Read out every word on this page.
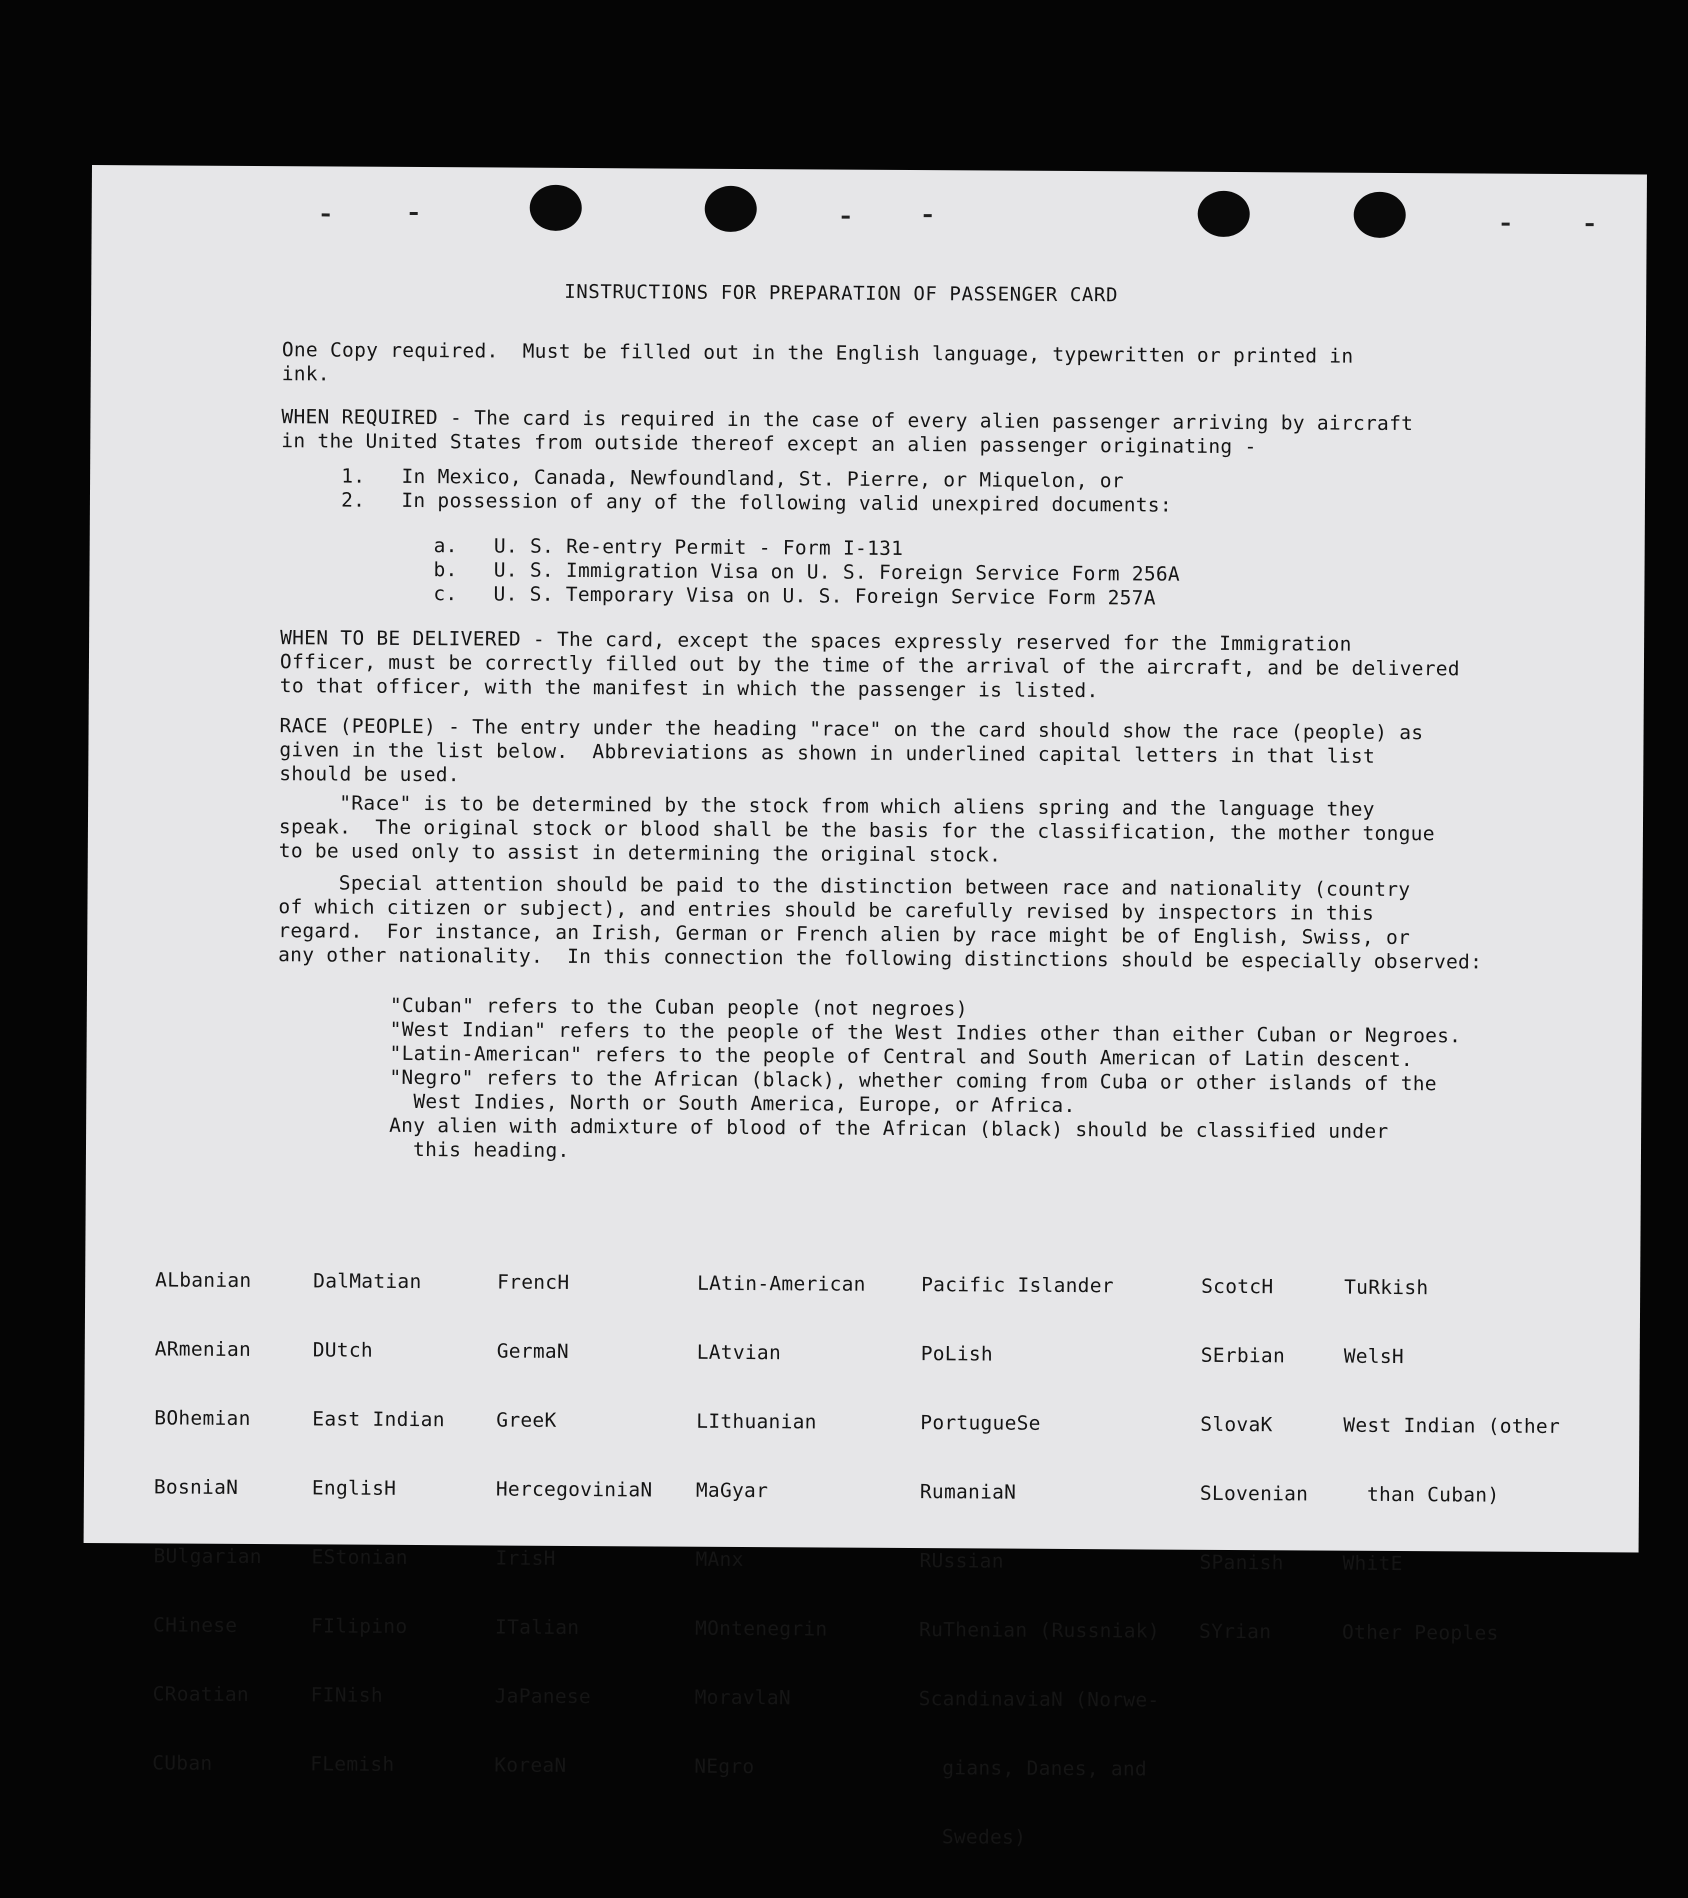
INSTRUCTIONS FOR PREPARATION OF PASSENGER CARD
One Copy required.  Must be filled out in the English language, typewritten or printed in
ink.
WHEN REQUIRED - The card is required in the case of every alien passenger arriving by aircraft
in the United States from outside thereof except an alien passenger originating -
1.   In Mexico, Canada, Newfoundland, St. Pierre, or Miquelon, or
2.   In possession of any of the following valid unexpired documents:
a.   U. S. Re-entry Permit - Form I-131
b.   U. S. Immigration Visa on U. S. Foreign Service Form 256A
c.   U. S. Temporary Visa on U. S. Foreign Service Form 257A
WHEN TO BE DELIVERED - The card, except the spaces expressly reserved for the Immigration
Officer, must be correctly filled out by the time of the arrival of the aircraft, and be delivered
to that officer, with the manifest in which the passenger is listed.
RACE (PEOPLE) - The entry under the heading "race" on the card should show the race (people) as
given in the list below.  Abbreviations as shown in underlined capital letters in that list
should be used.
"Race" is to be determined by the stock from which aliens spring and the language they
speak.  The original stock or blood shall be the basis for the classification, the mother tongue
to be used only to assist in determining the original stock.
Special attention should be paid to the distinction between race and nationality (country
of which citizen or subject), and entries should be carefully revised by inspectors in this
regard.  For instance, an Irish, German or French alien by race might be of English, Swiss, or
any other nationality.  In this connection the following distinctions should be especially observed:
"Cuban" refers to the Cuban people (not negroes)
"West Indian" refers to the people of the West Indies other than either Cuban or Negroes.
"Latin-American" refers to the people of Central and South American of Latin descent.
"Negro" refers to the African (black), whether coming from Cuba or other islands of the
West Indies, North or South America, Europe, or Africa.
Any alien with admixture of blood of the African (black) should be classified under
this heading.

ALbanian

ARmenian

BOhemian

BosniaN

BUlgarian

CHinese

CRoatian

CUban

DalMatian

DUtch

East Indian

EnglisH

EStonian

FIlipino

FINish

FLemish

FrencH

GermaN

GreeK

HercegoviniaN

IrisH

ITalian

JaPanese

KoreaN

LAtin-American

LAtvian

LIthuanian

MaGyar

MAnx

MOntenegrin

MoravlaN

NEgro

Pacific Islander

PoLish

PortugueSe

RumaniaN

RUssian

RuThenian (Russniak)

ScandinaviaN (Norwe-

gians, Danes, and

Swedes)

ScotcH

SErbian

SlovaK

SLovenian

SPanish

SYrian

TuRkish

WelsH

West Indian (other

than Cuban)

WhitE

Other Peoples
